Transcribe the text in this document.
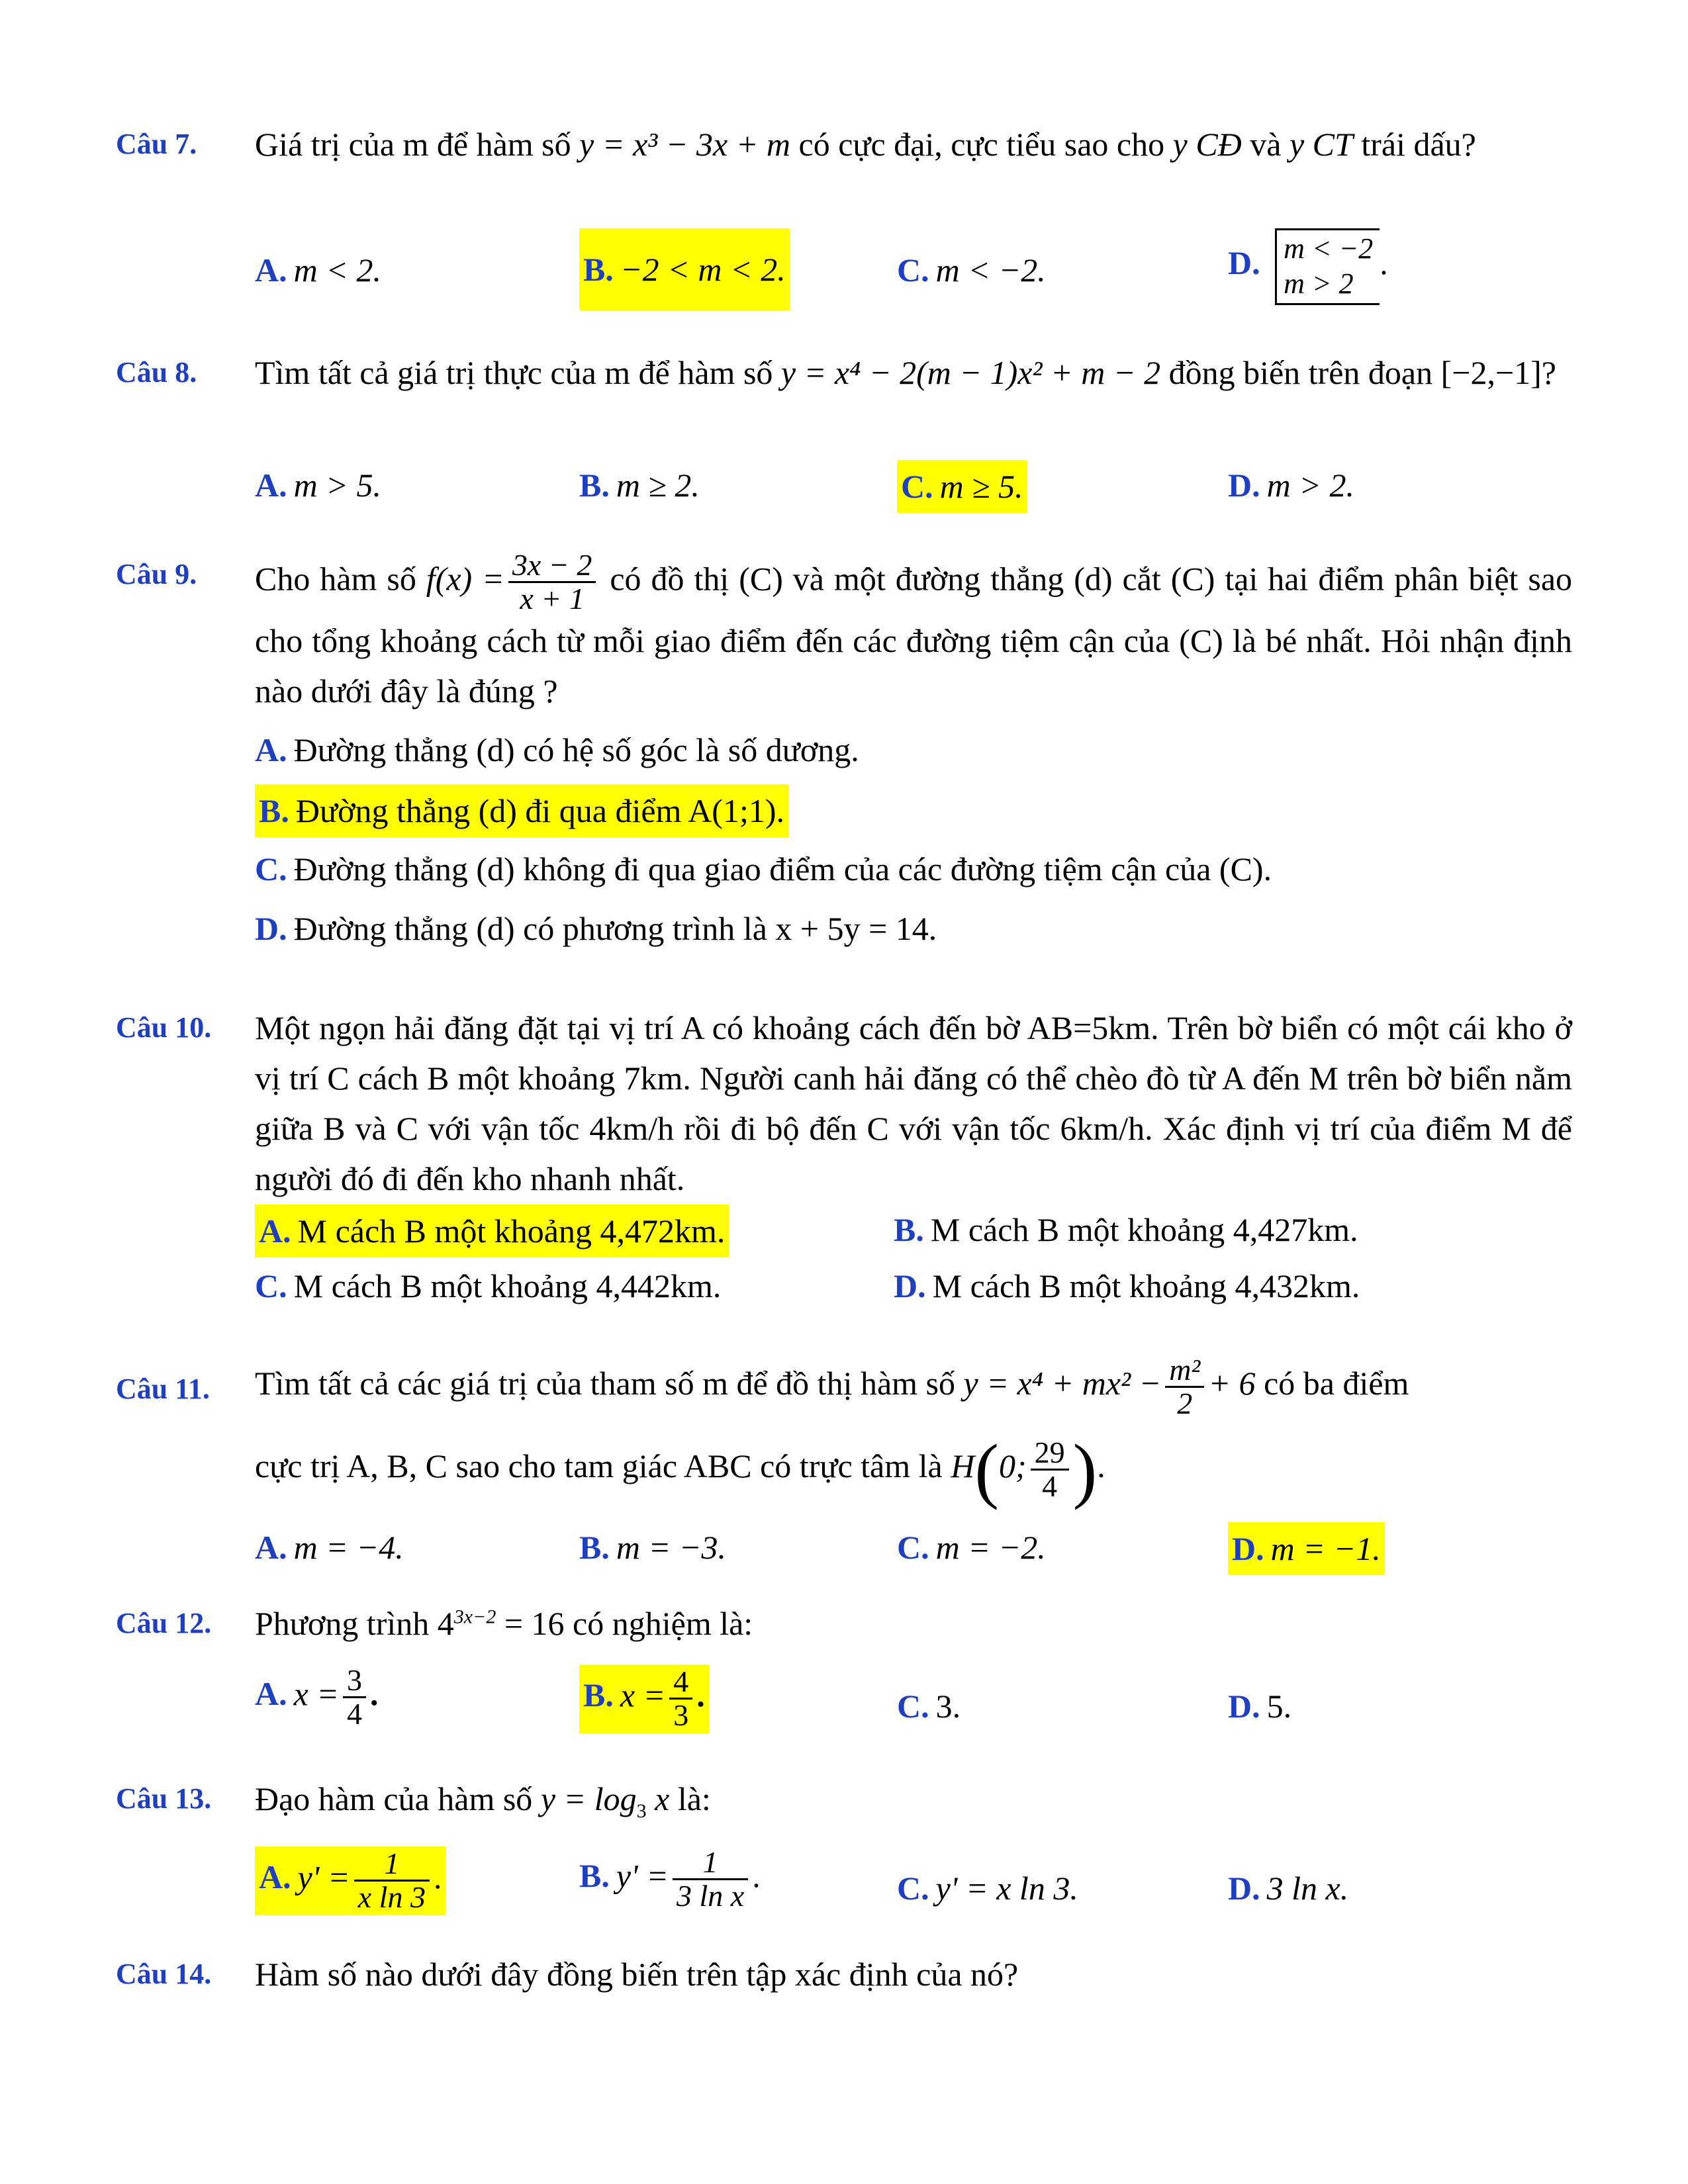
Câu 7. Giá trị của m để hàm số y = x³ − 3x + m có cực đại, cực tiểu sao cho y CĐ và y CT trái dấu?
A. m < 2.	B. −2 < m < 2.	C. m < −2.	D. m < −2
m > 2
.
Câu 8. Tìm tất cả giá trị thực của m để hàm số y = x⁴ − 2(m − 1)x² + m − 2 đồng biến trên đoạn [−2,−1]?
A. m > 5.	B. m ≥ 2.	C. m ≥ 5.	D. m > 2.
Câu 9. Cho hàm số $f(x) = \frac{3x - 2}{x + 1}$ có đồ thị (C) và một đường thẳng (d) cắt (C) tại hai điểm phân biệt sao cho tổng khoảng cách từ mỗi giao điểm đến các đường tiệm cận của (C) là bé nhất. Hỏi nhận định nào dưới đây là đúng ?
A. Đường thẳng (d) có hệ số góc là số dương.
B. Đường thẳng (d) đi qua điểm A(1;1).
C. Đường thẳng (d) không đi qua giao điểm của các đường tiệm cận của (C).
D. Đường thẳng (d) có phương trình là x + 5y = 14.
Câu 10. Một ngọn hải đăng đặt tại vị trí A có khoảng cách đến bờ AB=5km. Trên bờ biển có một cái kho ở vị trí C cách B một khoảng 7km. Người canh hải đăng có thể chèo đò từ A đến M trên bờ biển nằm giữa B và C với vận tốc 4km/h rồi đi bộ đến C với vận tốc 6km/h. Xác định vị trí của điểm M để người đó đi đến kho nhanh nhất.
A. M cách B một khoảng 4,472km.	B. M cách B một khoảng 4,427km.
C. M cách B một khoảng 4,442km.	D. M cách B một khoảng 4,432km.
Câu 11. Tìm tất cả các giá trị của tham số m để đồ thị hàm số $y = x^4 + mx^2 - \frac{\text{m²}}{2} + 6$ có ba điểm
cực trị A, B, C sao cho tam giác ABC có trực tâm là H(0; $\frac{29}{4}$ ).
A. m = −4.	B. m = −3.	C. m = −2.	D. m = −1.
Câu 12. Phương trình $4^{3x-2} = 16$ có nghiệm là:
A. $x = \frac{3}{4}$ .	B. $x = \frac{4}{3}$ .	C. 3.	D. 5.
Câu 13. Đạo hàm của hàm số $y = \log_3 x$ là:
A. $y' = \frac{1}{\text{x ln 3}}$ .	B. $y' = \frac{1}{\text{3 ln x}}$ .	C. y' = x ln 3.	D. 3 ln x.
Câu 14. Hàm số nào dưới đây đồng biến trên tập xác định của nó?
